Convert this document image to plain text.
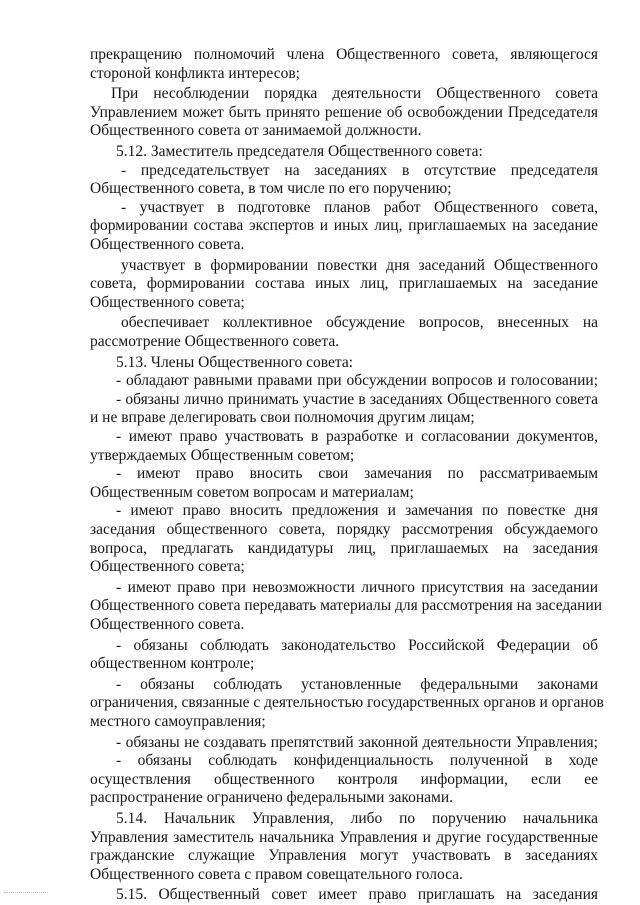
прекращению полномочий члена Общественного совета, являющегося
стороной конфликта интересов;
При несоблюдении порядка деятельности Общественного совета
Управлением может быть принято решение об освобождении Председателя
Общественного совета от занимаемой должности.
5.12. Заместитель председателя Общественного совета:
- председательствует на заседаниях в отсутствие председателя
Общественного совета, в том числе по его поручению;
- участвует в подготовке планов работ Общественного совета,
формировании состава экспертов и иных лиц, приглашаемых на заседание
Общественного совета.
участвует в формировании повестки дня заседаний Общественного
совета, формировании состава иных лиц, приглашаемых на заседание
Общественного совета;
обеспечивает коллективное обсуждение вопросов, внесенных на
рассмотрение Общественного совета.
5.13. Члены Общественного совета:
- обладают равными правами при обсуждении вопросов и голосовании;
- обязаны лично принимать участие в заседаниях Общественного совета
и не вправе делегировать свои полномочия другим лицам;
- имеют право участвовать в разработке и согласовании документов,
утверждаемых Общественным советом;
- имеют право вносить свои замечания по рассматриваемым
Общественным советом вопросам и материалам;
- имеют право вносить предложения и замечания по повестке дня
заседания общественного совета, порядку рассмотрения обсуждаемого
вопроса, предлагать кандидатуры лиц, приглашаемых на заседания
Общественного совета;
- имеют право при невозможности личного присутствия на заседании
Общественного совета передавать материалы для рассмотрения на заседании
Общественного совета.
- обязаны соблюдать законодательство Российской Федерации об
общественном контроле;
- обязаны соблюдать установленные федеральными законами
ограничения, связанные с деятельностью государственных органов и органов
местного самоуправления;
- обязаны не создавать препятствий законной деятельности Управления;
- обязаны соблюдать конфиденциальность полученной в ходе
осуществления общественного контроля информации, если ее
распространение ограничено федеральными законами.
5.14. Начальник Управления, либо по поручению начальника
Управления заместитель начальника Управления и другие государственные
гражданские служащие Управления могут участвовать в заседаниях
Общественного совета с правом совещательного голоса.
5.15. Общественный совет имеет право приглашать на заседания
